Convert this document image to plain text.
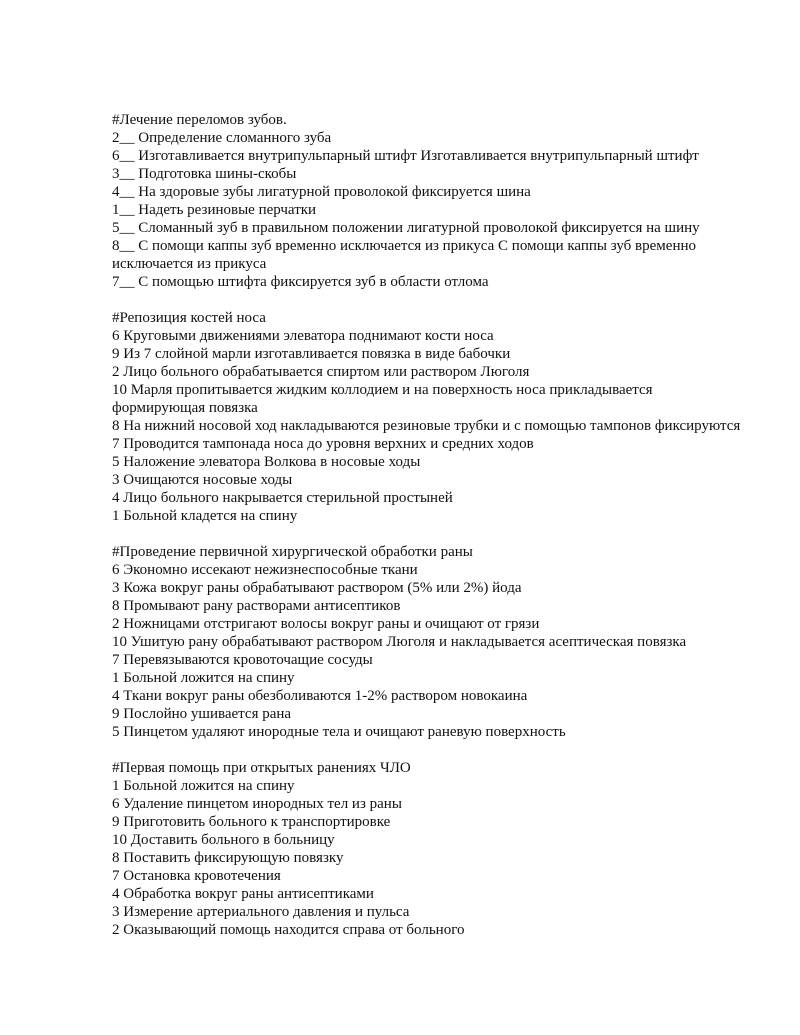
#Лечение переломов зубов.
2__ Определение сломанного зуба
6__ Изготавливается внутрипульпарный штифт Изготавливается внутрипульпарный штифт
3__ Подготовка шины-скобы
4__ На здоровые зубы лигатурной проволокой фиксируется шина
1__ Надеть резиновые перчатки
5__ Сломанный зуб в правильном положении лигатурной проволокой фиксируется на шину
8__ С помощи каппы зуб временно исключается из прикуса С помощи каппы зуб временно исключается из прикуса
7__ С помощью штифта фиксируется зуб в области отлома
#Репозиция костей носа
6 Круговыми движениями элеватора поднимают кости носа
9 Из 7 слойной марли изготавливается повязка в виде бабочки
2 Лицо больного обрабатывается спиртом или раствором Люголя
10 Марля пропитывается жидким коллодием и на поверхность носа прикладывается формирующая повязка
8 На нижний носовой ход накладываются резиновые трубки и с помощью тампонов фиксируются
7 Проводится тампонада носа до уровня верхних и средних ходов
5 Наложение элеватора Волкова в носовые ходы
3 Очищаются носовые ходы
4 Лицо больного накрывается стерильной простыней
1 Больной кладется на спину
#Проведение первичной хирургической обработки раны
6 Экономно иссекают нежизнеспособные ткани
3 Кожа вокруг раны обрабатывают раствором (5% или 2%) йода
8 Промывают рану растворами антисептиков
2 Ножницами отстригают волосы вокруг раны и очищают от грязи
10 Ушитую рану обрабатывают раствором Люголя и накладывается асептическая повязка
7 Перевязываются кровоточащие сосуды
1 Больной ложится на спину
4 Ткани вокруг раны обезболиваются 1-2% раствором новокаина
9 Послойно ушивается рана
5 Пинцетом удаляют инородные тела и очищают раневую поверхность
#Первая помощь при открытых ранениях ЧЛО
1 Больной ложится на спину
6 Удаление пинцетом инородных тел из раны
9 Приготовить больного к транспортировке
10 Доставить больного в больницу
8 Поставить фиксирующую повязку
7 Остановка кровотечения
4 Обработка вокруг раны антисептиками
3 Измерение артериального давления и пульса
2 Оказывающий помощь находится справа от больного
